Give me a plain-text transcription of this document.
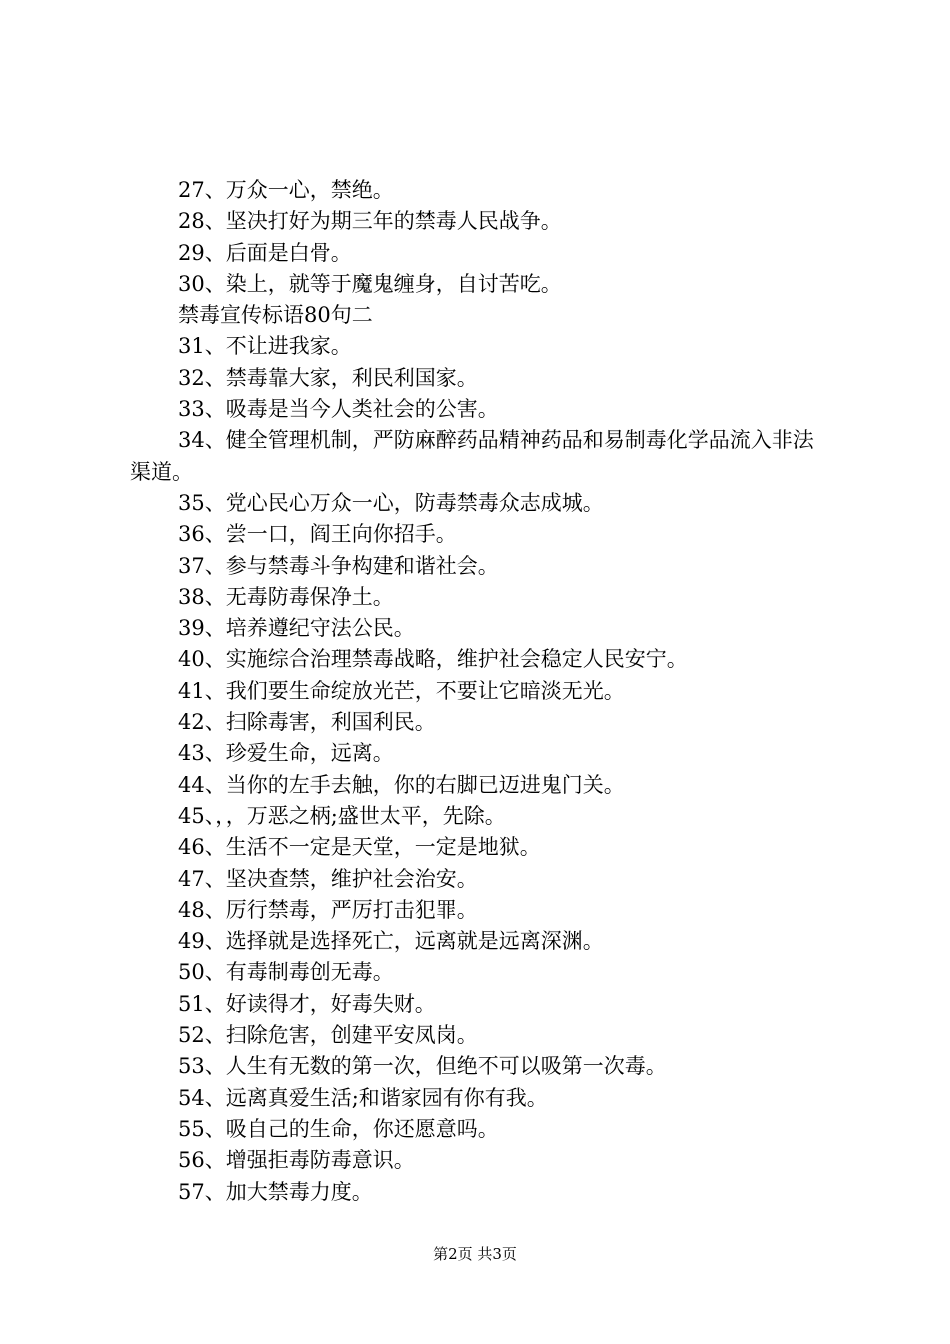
27、万众一心，禁绝。
28、坚决打好为期三年的禁毒人民战争。
29、后面是白骨。
30、染上，就等于魔鬼缠身，自讨苦吃。
禁毒宣传标语80句二
31、不让进我家。
32、禁毒靠大家，利民利国家。
33、吸毒是当今人类社会的公害。
34、健全管理机制，严防麻醉药品精神药品和易制毒化学品流入非法渠道。
35、党心民心万众一心，防毒禁毒众志成城。
36、尝一口，阎王向你招手。
37、参与禁毒斗争构建和谐社会。
38、无毒防毒保净土。
39、培养遵纪守法公民。
40、实施综合治理禁毒战略，维护社会稳定人民安宁。
41、我们要生命绽放光芒，不要让它暗淡无光。
42、扫除毒害，利国利民。
43、珍爱生命，远离。
44、当你的左手去触，你的右脚已迈进鬼门关。
45、，，万恶之柄;盛世太平，先除。
46、生活不一定是天堂，一定是地狱。
47、坚决查禁，维护社会治安。
48、厉行禁毒，严厉打击犯罪。
49、选择就是选择死亡，远离就是远离深渊。
50、有毒制毒创无毒。
51、好读得才，好毒失财。
52、扫除危害，创建平安凤岗。
53、人生有无数的第一次，但绝不可以吸第一次毒。
54、远离真爱生活;和谐家园有你有我。
55、吸自己的生命，你还愿意吗。
56、增强拒毒防毒意识。
57、加大禁毒力度。
第2页 共3页
